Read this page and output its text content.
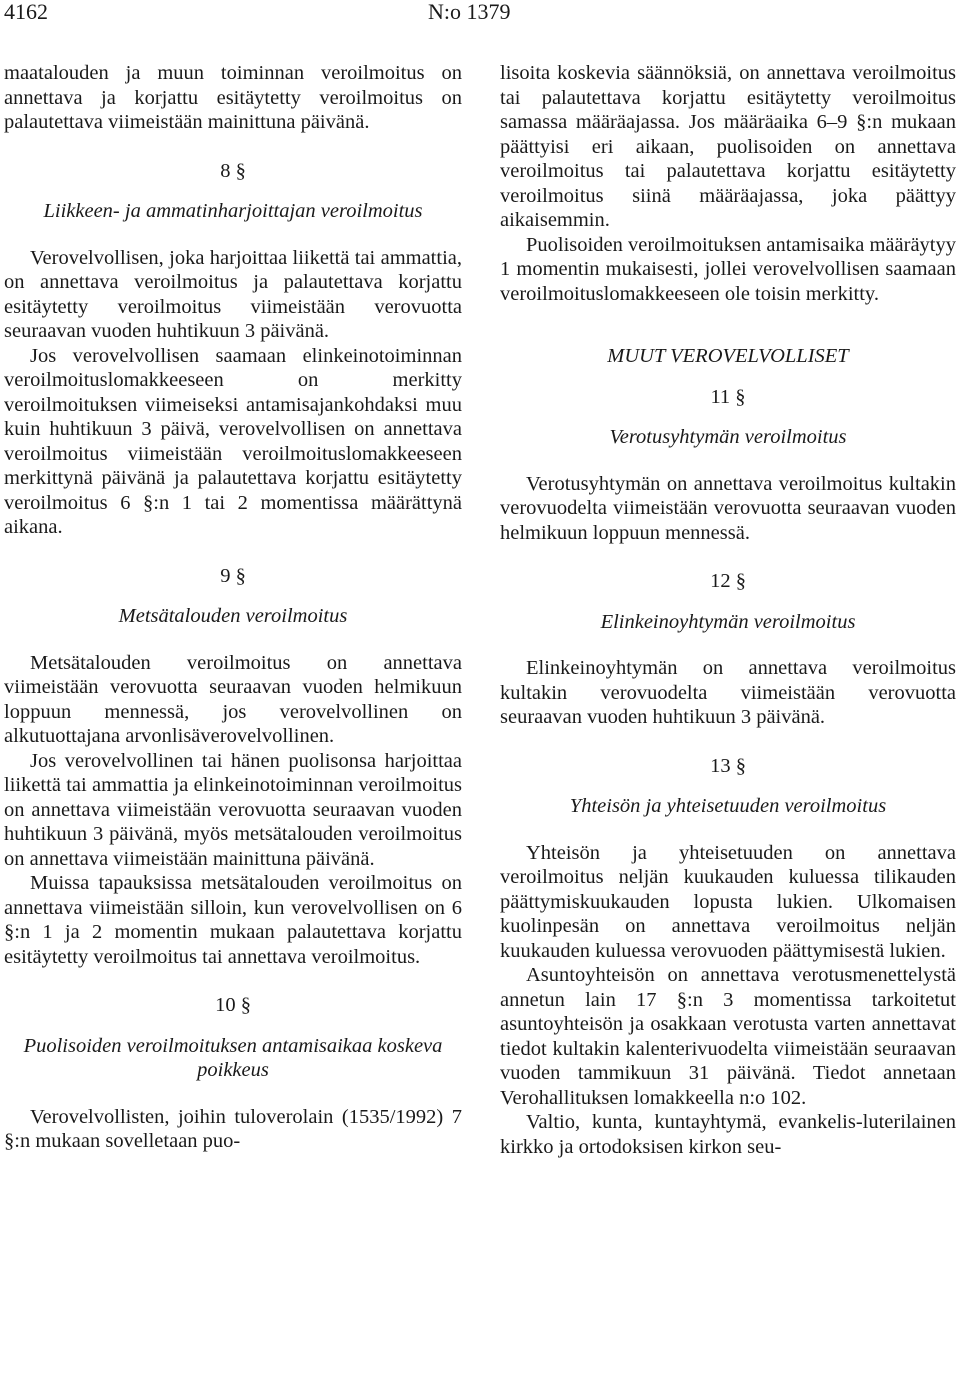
4162	N:o 1379

maatalouden ja muun toiminnan veroilmoitus on annettava ja korjattu esitäytetty veroilmoitus on palautettava viimeistään mainittuna päivänä.

8 §
Liikkeen- ja ammatinharjoittajan veroilmoitus

Verovelvollisen, joka harjoittaa liikettä tai ammattia, on annettava veroilmoitus ja palautettava korjattu esitäytetty veroilmoitus viimeistään verovuotta seuraavan vuoden huhtikuun 3 päivänä.

Jos verovelvollisen saamaan elinkeinotoiminnan veroilmoituslomakkeeseen on merkitty veroilmoituksen viimeiseksi antamisajankohdaksi muu kuin huhtikuun 3 päivä, verovelvollisen on annettava veroilmoitus viimeistään veroilmoituslomakkeeseen merkittynä päivänä ja palautettava korjattu esitäytetty veroilmoitus 6 §:n 1 tai 2 momentissa määrättynä aikana.

9 §
Metsätalouden veroilmoitus

Metsätalouden veroilmoitus on annettava viimeistään verovuotta seuraavan vuoden helmikuun loppuun mennessä, jos verovelvollinen on alkutuottajana arvonlisäverovelvollinen.

Jos verovelvollinen tai hänen puolisonsa harjoittaa liikettä tai ammattia ja elinkeinotoiminnan veroilmoitus on annettava viimeistään verovuotta seuraavan vuoden huhtikuun 3 päivänä, myös metsätalouden veroilmoitus on annettava viimeistään mainittuna päivänä.

Muissa tapauksissa metsätalouden veroilmoitus on annettava viimeistään silloin, kun verovelvollisen on 6 §:n 1 ja 2 momentin mukaan palautettava korjattu esitäytetty veroilmoitus tai annettava veroilmoitus.

10 §
Puolisoiden veroilmoituksen antamisaikaa koskeva poikkeus

Verovelvollisten, joihin tuloverolain (1535/1992) 7 §:n mukaan sovelletaan puo-

lisoita koskevia säännöksiä, on annettava veroilmoitus tai palautettava korjattu esitäytetty veroilmoitus samassa määräajassa. Jos määräaika 6–9 §:n mukaan päättyisi eri aikaan, puolisoiden on annettava veroilmoitus tai palautettava korjattu esitäytetty veroilmoitus siinä määräajassa, joka päättyy aikaisemmin.

Puolisoiden veroilmoituksen antamisaika määräytyy 1 momentin mukaisesti, jollei verovelvollisen saamaan veroilmoituslomakkeeseen ole toisin merkitty.

MUUT VEROVELVOLLISET
11 §
Verotusyhtymän veroilmoitus

Verotusyhtymän on annettava veroilmoitus kultakin verovuodelta viimeistään verovuotta seuraavan vuoden helmikuun loppuun mennessä.

12 §
Elinkeinoyhtymän veroilmoitus

Elinkeinoyhtymän on annettava veroilmoitus kultakin verovuodelta viimeistään verovuotta seuraavan vuoden huhtikuun 3 päivänä.

13 §
Yhteisön ja yhteisetuuden veroilmoitus

Yhteisön ja yhteisetuuden on annettava veroilmoitus neljän kuukauden kuluessa tilikauden päättymiskuukauden lopusta lukien. Ulkomaisen kuolinpesän on annettava veroilmoitus neljän kuukauden kuluessa verovuoden päättymisestä lukien.

Asuntoyhteisön on annettava verotusmenettelystä annetun lain 17 §:n 3 momentissa tarkoitetut asuntoyhteisön ja osakkaan verotusta varten annettavat tiedot kultakin kalenterivuodelta viimeistään seuraavan vuoden tammikuun 31 päivänä. Tiedot annetaan Verohallituksen lomakkeella n:o 102.

Valtio, kunta, kuntayhtymä, evankelis-luterilainen kirkko ja ortodoksisen kirkon seu-
